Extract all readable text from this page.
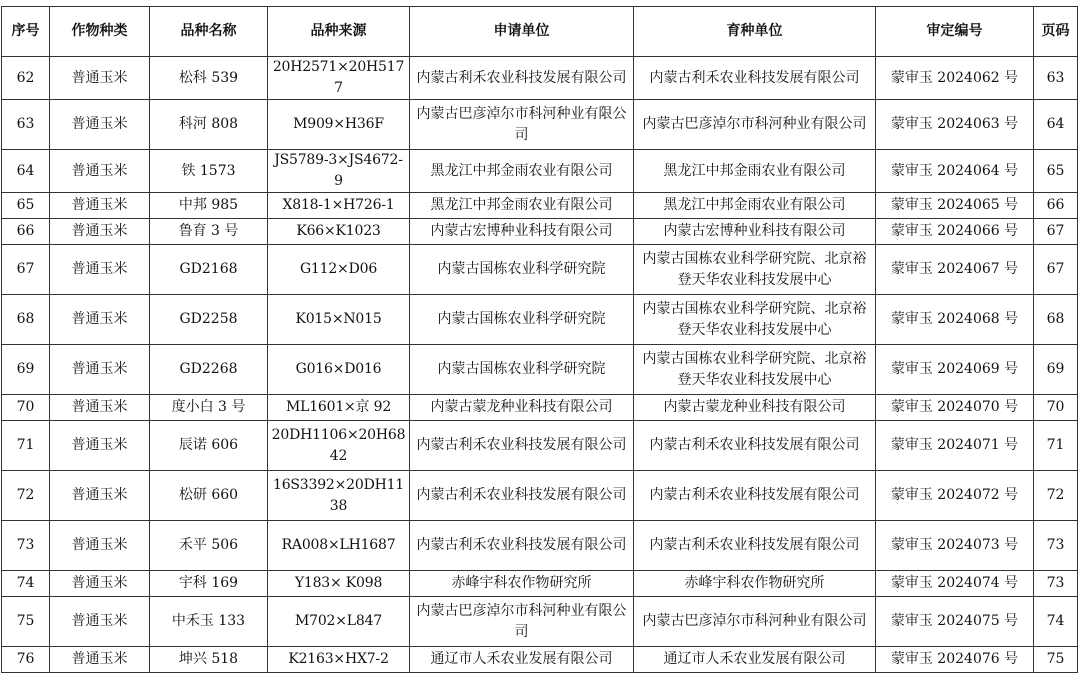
序号	作物种类	品种名称	品种来源	申请单位	育种单位	审定编号	页码
62	普通玉米	松科 539	20H2571×20H5177	内蒙古利禾农业科技发展有限公司	内蒙古利禾农业科技发展有限公司	蒙审玉 2024062 号	63
63	普通玉米	科河 808	M909×H36F	内蒙古巴彦淖尔市科河种业有限公司	内蒙古巴彦淖尔市科河种业有限公司	蒙审玉 2024063 号	64
64	普通玉米	铁 1573	JS5789-3×JS4672-9	黑龙江中邦金雨农业有限公司	黑龙江中邦金雨农业有限公司	蒙审玉 2024064 号	65
65	普通玉米	中邦 985	X818-1×H726-1	黑龙江中邦金雨农业有限公司	黑龙江中邦金雨农业有限公司	蒙审玉 2024065 号	66
66	普通玉米	鲁育 3 号	K66×K1023	内蒙古宏博种业科技有限公司	内蒙古宏博种业科技有限公司	蒙审玉 2024066 号	67
67	普通玉米	GD2168	G112×D06	内蒙古国栋农业科学研究院	内蒙古国栋农业科学研究院、北京裕登天华农业科技发展中心	蒙审玉 2024067 号	67
68	普通玉米	GD2258	K015×N015	内蒙古国栋农业科学研究院	内蒙古国栋农业科学研究院、北京裕登天华农业科技发展中心	蒙审玉 2024068 号	68
69	普通玉米	GD2268	G016×D016	内蒙古国栋农业科学研究院	内蒙古国栋农业科学研究院、北京裕登天华农业科技发展中心	蒙审玉 2024069 号	69
70	普通玉米	度小白 3 号	ML1601×京 92	内蒙古蒙龙种业科技有限公司	内蒙古蒙龙种业科技有限公司	蒙审玉 2024070 号	70
71	普通玉米	辰诺 606	20DH1106×20H6842	内蒙古利禾农业科技发展有限公司	内蒙古利禾农业科技发展有限公司	蒙审玉 2024071 号	71
72	普通玉米	松研 660	16S3392×20DH1138	内蒙古利禾农业科技发展有限公司	内蒙古利禾农业科技发展有限公司	蒙审玉 2024072 号	72
73	普通玉米	禾平 506	RA008×LH1687	内蒙古利禾农业科技发展有限公司	内蒙古利禾农业科技发展有限公司	蒙审玉 2024073 号	73
74	普通玉米	宇科 169	Y183× K098	赤峰宇科农作物研究所	赤峰宇科农作物研究所	蒙审玉 2024074 号	73
75	普通玉米	中禾玉 133	M702×L847	内蒙古巴彦淖尔市科河种业有限公司	内蒙古巴彦淖尔市科河种业有限公司	蒙审玉 2024075 号	74
76	普通玉米	坤兴 518	K2163×HX7-2	通辽市人禾农业发展有限公司	通辽市人禾农业发展有限公司	蒙审玉 2024076 号	75
